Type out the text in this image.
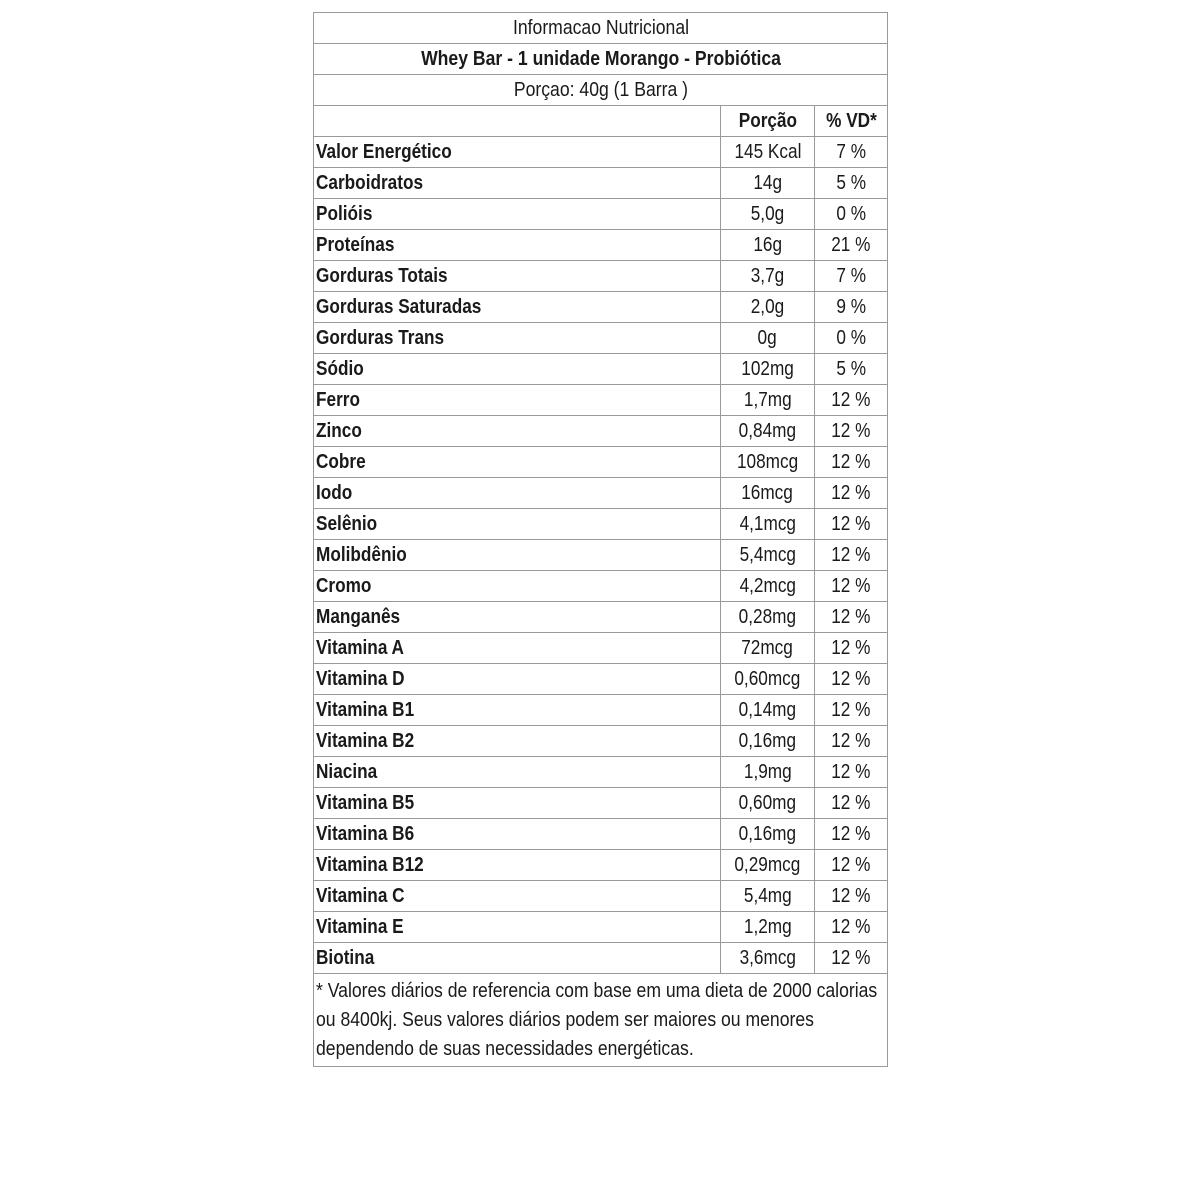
Informacao Nutricional		
Whey Bar - 1 unidade Morango - Probiótica		
Porçao: 40g (1 Barra )		
	Porção	% VD*
Valor Energético	145 Kcal	7 %
Carboidratos	14g	5 %
Polióis	5,0g	0 %
Proteínas	16g	21 %
Gorduras Totais	3,7g	7 %
Gorduras Saturadas	2,0g	9 %
Gorduras Trans	0g	0 %
Sódio	102mg	5 %
Ferro	1,7mg	12 %
Zinco	0,84mg	12 %
Cobre	108mcg	12 %
Iodo	16mcg	12 %
Selênio	4,1mcg	12 %
Molibdênio	5,4mcg	12 %
Cromo	4,2mcg	12 %
Manganês	0,28mg	12 %
Vitamina A	72mcg	12 %
Vitamina D	0,60mcg	12 %
Vitamina B1	0,14mg	12 %
Vitamina B2	0,16mg	12 %
Niacina	1,9mg	12 %
Vitamina B5	0,60mg	12 %
Vitamina B6	0,16mg	12 %
Vitamina B12	0,29mcg	12 %
Vitamina C	5,4mg	12 %
Vitamina E	1,2mg	12 %
Biotina	3,6mcg	12 %

* Valores diários de referencia com base em uma dieta de 2000 calorias ou 8400kj. Seus valores diários podem ser maiores ou menores dependendo de suas necessidades energéticas.		
